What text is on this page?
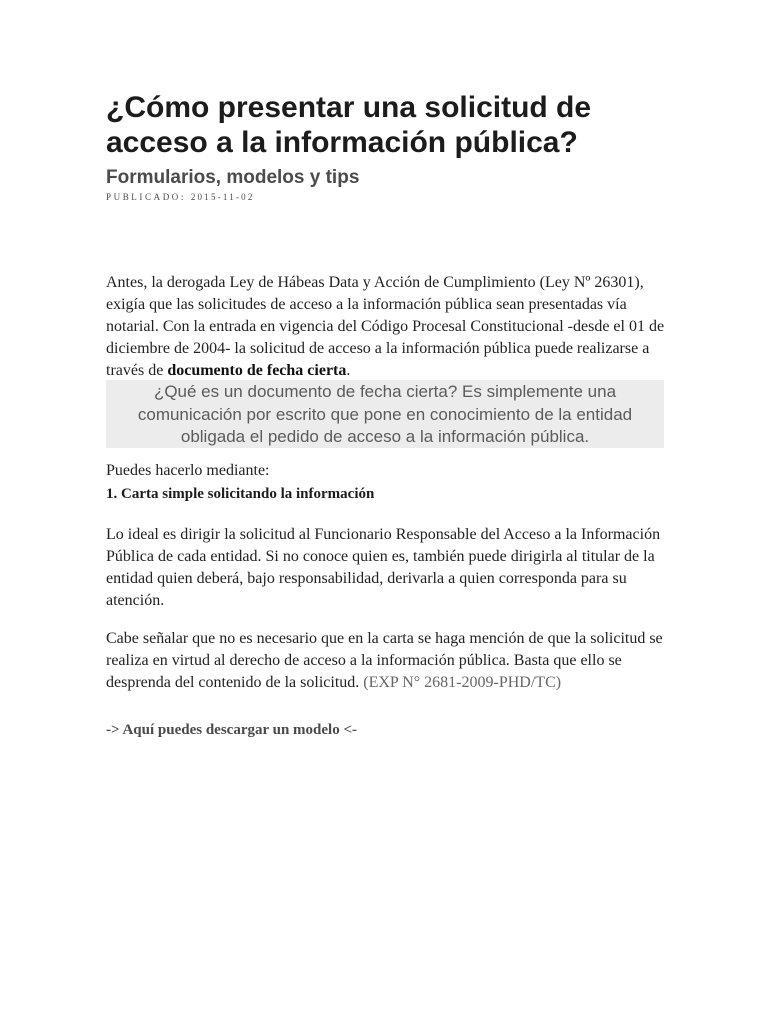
¿Cómo presentar una solicitud de acceso a la información pública?
Formularios, modelos y tips
PUBLICADO: 2015-11-02

Antes, la derogada Ley de Hábeas Data y Acción de Cumplimiento (Ley Nº 26301), exigía que las solicitudes de acceso a la información pública sean presentadas vía notarial. Con la entrada en vigencia del Código Procesal Constitucional -desde el 01 de diciembre de 2004- la solicitud de acceso a la información pública puede realizarse a través de documento de fecha cierta.

¿Qué es un documento de fecha cierta? Es simplemente una comunicación por escrito que pone en conocimiento de la entidad obligada el pedido de acceso a la información pública.

Puedes hacerlo mediante:

1. Carta simple solicitando la información

Lo ideal es dirigir la solicitud al Funcionario Responsable del Acceso a la Información Pública de cada entidad. Si no conoce quien es, también puede dirigirla al titular de la entidad quien deberá, bajo responsabilidad, derivarla a quien corresponda para su atención.

Cabe señalar que no es necesario que en la carta se haga mención de que la solicitud se realiza en virtud al derecho de acceso a la información pública. Basta que ello se desprenda del contenido de la solicitud. (EXP N° 2681-2009-PHD/TC)

-> Aquí puedes descargar un modelo <-
